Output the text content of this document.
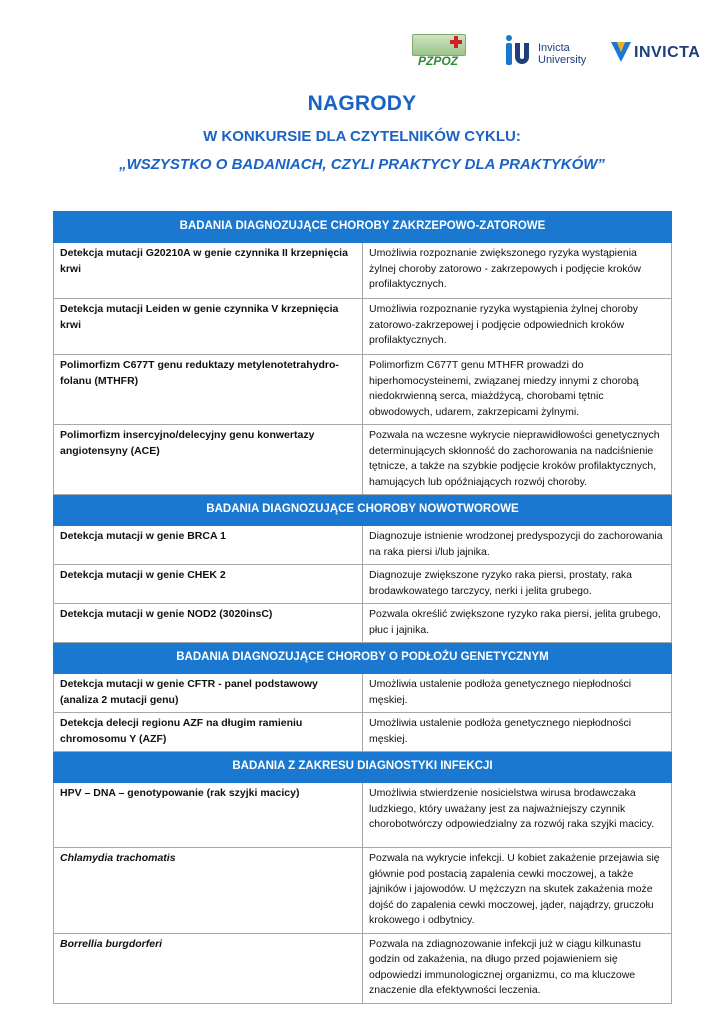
PZPOZ
Invicta
University	INVICTA
NAGRODY
W KONKURSIE DLA CZYTELNIKÓW CYKLU:
„WSZYSTKO O BADANIACH, CZYLI PRAKTYCY DLA PRAKTYKÓW”
BADANIA DIAGNOZUJĄCE CHOROBY ZAKRZEPOWO-ZATOROWE	
Detekcja mutacji G20210A w genie czynnika II krzepnięcia krwi	Umożliwia rozpoznanie zwiększonego ryzyka wystąpienia żylnej choroby zatorowo - zakrzepowych i podjęcie kroków profilaktycznych.
Detekcja mutacji Leiden w genie czynnika V krzepnięcia krwi	Umożliwia rozpoznanie ryzyka wystąpienia żylnej choroby zatorowo-zakrzepowej i podjęcie odpowiednich kroków profilaktycznych.
Polimorfizm C677T genu reduktazy metylenotetrahydro-folanu (MTHFR)	Polimorfizm C677T genu MTHFR prowadzi do hiperhomocysteinemi, związanej miedzy innymi z chorobą niedokrwienną serca, miażdżycą, chorobami tętnic obwodowych, udarem, zakrzepicami żylnymi.
Polimorfizm insercyjno/delecyjny genu konwertazy angiotensyny (ACE)	Pozwala na wczesne wykrycie nieprawidłowości genetycznych determinujących skłonność do zachorowania na nadciśnienie tętnicze, a także na szybkie podjęcie kroków profilaktycznych, hamujących lub opóźniających rozwój choroby.
BADANIA DIAGNOZUJĄCE CHOROBY NOWOTWOROWE	
Detekcja mutacji w genie BRCA 1	Diagnozuje istnienie wrodzonej predyspozycji do zachorowania na raka piersi i/lub jajnika.
Detekcja mutacji w genie CHEK 2	Diagnozuje zwiększone ryzyko raka piersi, prostaty, raka brodawkowatego tarczycy, nerki i jelita grubego.
Detekcja mutacji w genie NOD2 (3020insC)	Pozwala określić zwiększone ryzyko raka piersi, jelita grubego, płuc i jajnika.
BADANIA DIAGNOZUJĄCE CHOROBY O PODŁOŻU GENETYCZNYM	
Detekcja mutacji w genie CFTR - panel podstawowy (analiza 2 mutacji genu)	Umożliwia ustalenie podłoża genetycznego niepłodności męskiej.
Detekcja delecji regionu AZF na długim ramieniu chromosomu Y (AZF)	Umożliwia ustalenie podłoża genetycznego niepłodności męskiej.
BADANIA Z ZAKRESU DIAGNOSTYKI INFEKCJI	
HPV – DNA – genotypowanie (rak szyjki macicy)	Umożliwia stwierdzenie nosicielstwa wirusa brodawczaka ludzkiego, który uważany jest za najważniejszy czynnik chorobotwórczy odpowiedzialny za rozwój raka szyjki macicy.
Chlamydia trachomatis	Pozwala na wykrycie infekcji. U kobiet zakażenie przejawia się głównie pod postacią zapalenia cewki moczowej, a także jajników i jajowodów. U mężczyzn na skutek zakażenia może dojść do zapalenia cewki moczowej, jąder, najądrzy, gruczołu krokowego i odbytnicy.
Borrellia burgdorferi	Pozwala na zdiagnozowanie infekcji już w ciągu kilkunastu godzin od zakażenia, na długo przed pojawieniem się odpowiedzi immunologicznej organizmu, co ma kluczowe znaczenie dla efektywności leczenia.
